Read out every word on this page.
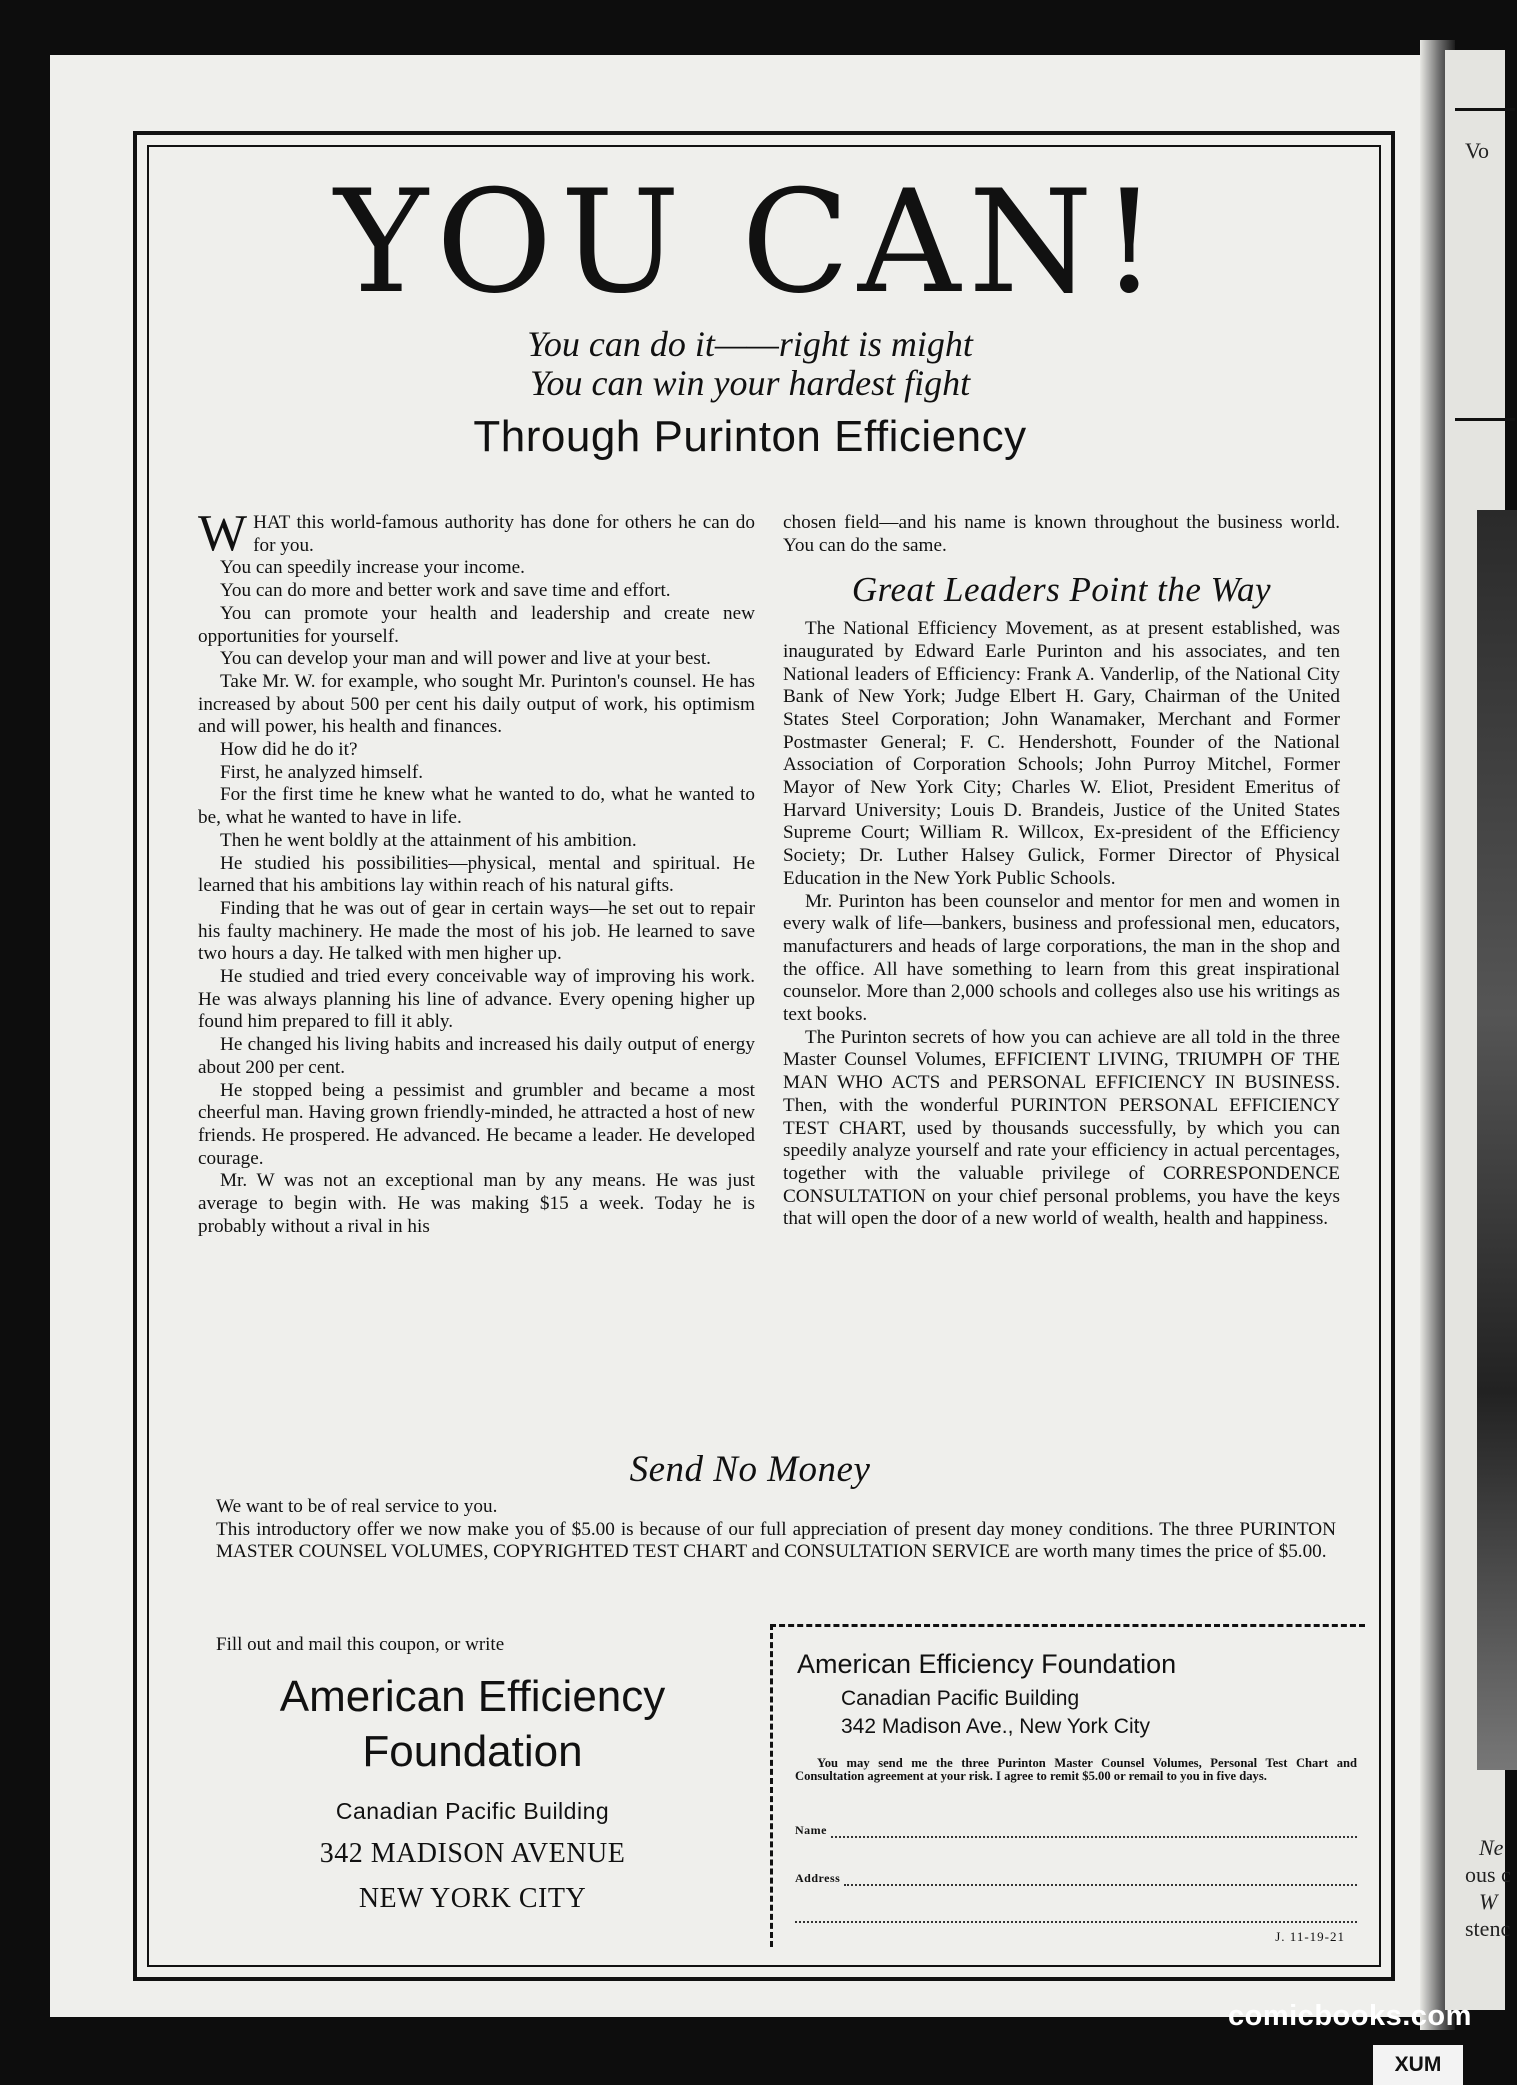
Vo
Ne
ous c
W
stenc
YOU CAN!
You can do it——right is might
You can win your hardest fight
Through Purinton Efficiency

WHAT this world-famous authority has done for others he can do for you.

You can speedily increase your income.

You can do more and better work and save time and effort.

You can promote your health and leadership and create new opportunities for yourself.

You can develop your man and will power and live at your best.

Take Mr. W. for example, who sought Mr. Purinton's counsel. He has increased by about 500 per cent his daily output of work, his optimism and will power, his health and finances.

How did he do it?

First, he analyzed himself.

For the first time he knew what he wanted to do, what he wanted to be, what he wanted to have in life.

Then he went boldly at the attainment of his ambition.

He studied his possibilities—physical, mental and spiritual. He learned that his ambitions lay within reach of his natural gifts.

Finding that he was out of gear in certain ways—he set out to repair his faulty machinery. He made the most of his job. He learned to save two hours a day. He talked with men higher up.

He studied and tried every conceivable way of improving his work. He was always planning his line of advance. Every opening higher up found him prepared to fill it ably.

He changed his living habits and increased his daily output of energy about 200 per cent.

He stopped being a pessimist and grumbler and became a most cheerful man. Having grown friendly-minded, he attracted a host of new friends. He prospered. He advanced. He became a leader. He developed courage.

Mr. W was not an exceptional man by any means. He was just average to begin with. He was making $15 a week. Today he is probably without a rival in his

chosen field—and his name is known throughout the business world. You can do the same.

Great Leaders Point the Way

The National Efficiency Movement, as at present established, was inaugurated by Edward Earle Purinton and his associates, and ten National leaders of Efficiency: Frank A. Vanderlip, of the National City Bank of New York; Judge Elbert H. Gary, Chairman of the United States Steel Corporation; John Wanamaker, Merchant and Former Postmaster General; F. C. Hendershott, Founder of the National Association of Corporation Schools; John Purroy Mitchel, Former Mayor of New York City; Charles W. Eliot, President Emeritus of Harvard University; Louis D. Brandeis, Justice of the United States Supreme Court; William R. Willcox, Ex-president of the Efficiency Society; Dr. Luther Halsey Gulick, Former Director of Physical Education in the New York Public Schools.

Mr. Purinton has been counselor and mentor for men and women in every walk of life—bankers, business and professional men, educators, manufacturers and heads of large corporations, the man in the shop and the office. All have something to learn from this great inspirational counselor. More than 2,000 schools and colleges also use his writings as text books.

The Purinton secrets of how you can achieve are all told in the three Master Counsel Volumes, EFFICIENT LIVING, TRIUMPH OF THE MAN WHO ACTS and PERSONAL EFFICIENCY IN BUSINESS. Then, with the wonderful PURINTON PERSONAL EFFICIENCY TEST CHART, used by thousands successfully, by which you can speedily analyze yourself and rate your efficiency in actual percentages, together with the valuable privilege of CORRESPONDENCE CONSULTATION on your chief personal problems, you have the keys that will open the door of a new world of wealth, health and happiness.

Send No Money

We want to be of real service to you.

This introductory offer we now make you of $5.00 is because of our full appreciation of present day money conditions. The three PURINTON MASTER COUNSEL VOLUMES, COPYRIGHTED TEST CHART and CONSULTATION SERVICE are worth many times the price of $5.00.

Fill out and mail this coupon, or write
American Efficiency
Foundation
Canadian Pacific Building
342 MADISON AVENUE
NEW YORK CITY
American Efficiency Foundation
Canadian Pacific Building
342 Madison Ave., New York City
You may send me the three Purinton Master Counsel Volumes, Personal Test Chart and Consultation agreement at your risk. I agree to remit $5.00 or remail to you in five days.
Name
Address
J. 11-19-21
comicbooks.com
XUM
